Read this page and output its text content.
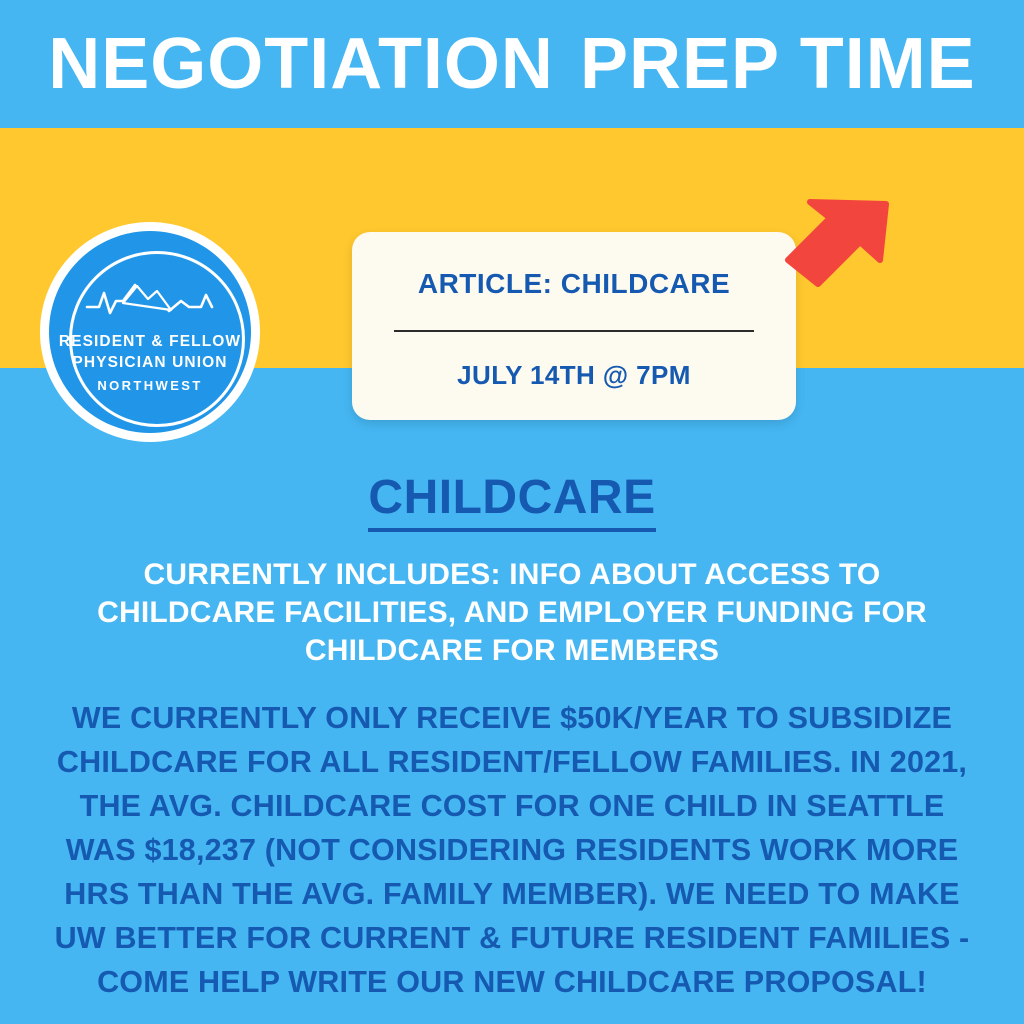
NEGOTIATION PREP TIME
RESIDENT & FELLOW
PHYSICIAN UNION
NORTHWEST
ARTICLE: CHILDCARE
JULY 14TH @ 7PM
CHILDCARE
CURRENTLY INCLUDES: INFO ABOUT ACCESS TO CHILDCARE FACILITIES, AND EMPLOYER FUNDING FOR CHILDCARE FOR MEMBERS
WE CURRENTLY ONLY RECEIVE $50K/YEAR TO SUBSIDIZE CHILDCARE FOR ALL RESIDENT/FELLOW FAMILIES. IN 2021, THE AVG. CHILDCARE COST FOR ONE CHILD IN SEATTLE WAS $18,237 (NOT CONSIDERING RESIDENTS WORK MORE HRS THAN THE AVG. FAMILY MEMBER). WE NEED TO MAKE UW BETTER FOR CURRENT & FUTURE RESIDENT FAMILIES - COME HELP WRITE OUR NEW CHILDCARE PROPOSAL!
